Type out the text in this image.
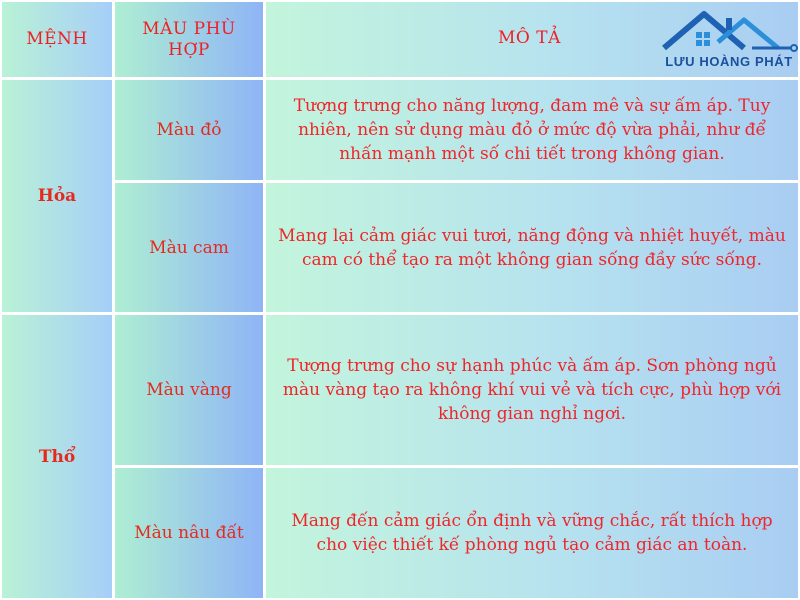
MỆNH
MÀU PHÙ HỢP
MÔ TẢ
LƯU HOÀNG PHÁT
Hỏa
Màu đỏ
Tượng trưng cho năng lượng, đam mê và sự ấm áp. Tuy nhiên, nên sử dụng màu đỏ ở mức độ vừa phải, như để nhấn mạnh một số chi tiết trong không gian.
Màu cam
Mang lại cảm giác vui tươi, năng động và nhiệt huyết, màu cam có thể tạo ra một không gian sống đầy sức sống.
Thổ
Màu vàng
Tượng trưng cho sự hạnh phúc và ấm áp. Sơn phòng ngủ màu vàng tạo ra không khí vui vẻ và tích cực, phù hợp với không gian nghỉ ngơi.
Màu nâu đất
Mang đến cảm giác ổn định và vững chắc, rất thích hợp cho việc thiết kế phòng ngủ tạo cảm giác an toàn.
